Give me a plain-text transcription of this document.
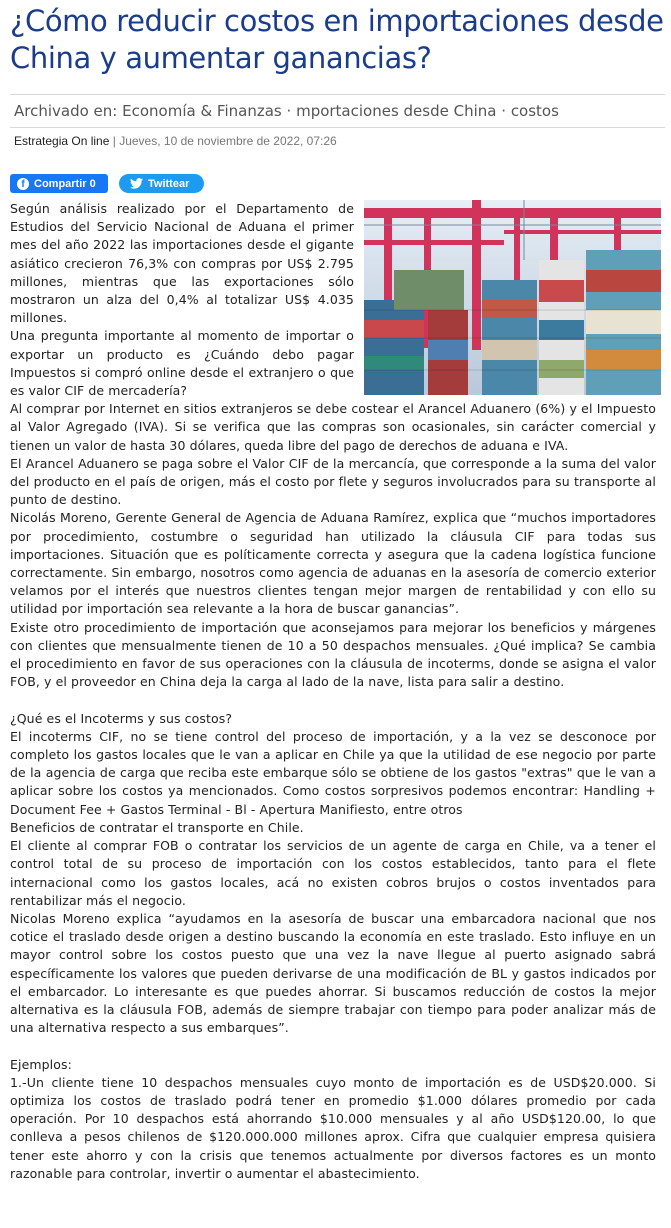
¿Cómo reducir costos en importaciones desde China y aumentar ganancias?
Archivado en: Economía & Finanzas · mportaciones desde China · costos
Estrategia On line | Jueves, 10 de noviembre de 2022, 07:26
f Compartir 0	Twittear

Según análisis realizado por el Departamento de Estudios del Servicio Nacional de Aduana el primer mes del año 2022 las importaciones desde el gigante asiático crecieron 76,3% con compras por US$ 2.795 millones, mientras que las exportaciones sólo mostraron un alza del 0,4% al totalizar US$ 4.035 millones.

Una pregunta importante al momento de importar o exportar un producto es ¿Cuándo debo pagar Impuestos si compró online desde el extranjero o que es valor CIF de mercadería?

Al comprar por Internet en sitios extranjeros se debe costear el Arancel Aduanero (6%) y el Impuesto al Valor Agregado (IVA). Si se verifica que las compras son ocasionales, sin carácter comercial y tienen un valor de hasta 30 dólares, queda libre del pago de derechos de aduana e IVA.

El Arancel Aduanero se paga sobre el Valor CIF de la mercancía, que corresponde a la suma del valor del producto en el país de origen, más el costo por flete y seguros involucrados para su transporte al punto de destino.

Nicolás Moreno, Gerente General de Agencia de Aduana Ramírez, explica que “muchos importadores por procedimiento, costumbre o seguridad han utilizado la cláusula CIF para todas sus importaciones. Situación que es políticamente correcta y asegura que la cadena logística funcione correctamente. Sin embargo, nosotros como agencia de aduanas en la asesoría de comercio exterior velamos por el interés que nuestros clientes tengan mejor margen de rentabilidad y con ello su utilidad por importación sea relevante a la hora de buscar ganancias”.

Existe otro procedimiento de importación que aconsejamos para mejorar los beneficios y márgenes con clientes que mensualmente tienen de 10 a 50 despachos mensuales. ¿Qué implica? Se cambia el procedimiento en favor de sus operaciones con la cláusula de incoterms, donde se asigna el valor FOB, y el proveedor en China deja la carga al lado de la nave, lista para salir a destino.

¿Qué es el Incoterms y sus costos?

El incoterms CIF, no se tiene control del proceso de importación, y a la vez se desconoce por completo los gastos locales que le van a aplicar en Chile ya que la utilidad de ese negocio por parte de la agencia de carga que reciba este embarque sólo se obtiene de los gastos "extras" que le van a aplicar sobre los costos ya mencionados. Como costos sorpresivos podemos encontrar: Handling + Document Fee + Gastos Terminal - Bl - Apertura Manifiesto, entre otros

Beneficios de contratar el transporte en Chile.

El cliente al comprar FOB o contratar los servicios de un agente de carga en Chile, va a tener el control total de su proceso de importación con los costos establecidos, tanto para el flete internacional como los gastos locales, acá no existen cobros brujos o costos inventados para rentabilizar más el negocio.

Nicolas Moreno explica “ayudamos en la asesoría de buscar una embarcadora nacional que nos cotice el traslado desde origen a destino buscando la economía en este traslado. Esto influye en un mayor control sobre los costos puesto que una vez la nave llegue al puerto asignado sabrá específicamente los valores que pueden derivarse de una modificación de BL y gastos indicados por el embarcador. Lo interesante es que puedes ahorrar. Si buscamos reducción de costos la mejor alternativa es la cláusula FOB, además de siempre trabajar con tiempo para poder analizar más de una alternativa respecto a sus embarques”.

Ejemplos:

1.-Un cliente tiene 10 despachos mensuales cuyo monto de importación es de USD$20.000. Si optimiza los costos de traslado podrá tener en promedio $1.000 dólares promedio por cada operación. Por 10 despachos está ahorrando $10.000 mensuales y al año USD$120.00, lo que conlleva a pesos chilenos de $120.000.000 millones aprox. Cifra que cualquier empresa quisiera tener este ahorro y con la crisis que tenemos actualmente por diversos factores es un monto razonable para controlar, invertir o aumentar el abastecimiento.
